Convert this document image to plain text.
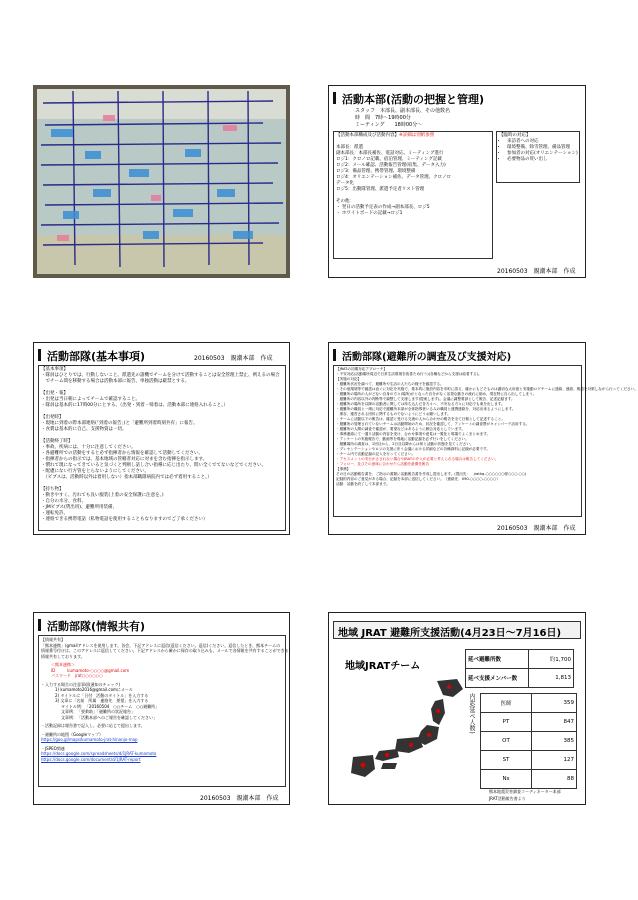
活動本部(活動の把握と管理)
スタッフ　本部長、副本部長、その他数名
時　間　7時～19時00分
ミーティング　　18時00分～
【活動本部構成及び活動内容】※詳細は別紙参照
本部長：派遣
副本部長：本部長補佐、電話対応、ミーティング進行
ロジ1：クロノロ記載、宿泊管理、ミーティング記載
ロジ2：メール確認、活動報告管理(収集、データ入力)
ロジ3：備品管理、携帯管理、環境整備
ロジ4：オリエンテーション補佐、データ管理、クロノロ
データ化
ロジ5：出動隊管理、派遣予定者リスト管理

その他：
・ 翌日の活動予定表の作成→副本部長、ロジ5
・ ホワイトボードの記載→ロジ1
【臨時の対応】
• 来訪者への対応
• 環境整備、除雪管理、備品管理
• 参加者の対応(オリエンテーション)
• 必要物品の買い出し
20160503　親潮本部　作成
活動部隊(基本事項)	20160503　親潮本部　作成
【基本事項】
・隊員はひとりでは、行動しないこと。派遣先の諸機でチームを分けて活動することは安全管理上禁止、例えるの場合
　でチーム間を移動する場合は活動本部に報告、単独活動は厳禁とする。

【出発・報】
・出発は当日朝によってチームで確認すること。
・隊員は基本的に17時00分にとする。（出発・到着・帰着は、活動本部に連絡入れること。）

【出発時】
・現地に到着の際本部連絡(「到着の報告」)と「避難所到着時刻共有」に報告。
・食費は基本的に自己、支援物資は一切。

【活動終了時】
・事故、疾病には、十分に注意してください。
・各避難所での活動をすると必ず指揮者から情報を確認して活動してください。
・指揮者からの指示では、基本地域の管轄者対応に対まを含む指揮を指示します。
・慣れて現になってきていると気づくと判断し話し合い指導に応じ出たり、問い全くでてないなどでください。
・配慮にない行方管をとらないようにしてください。
　（ビブスは、活動時以外は着用しない）指本部職隊病院内では必ず着用すること。）

【持ち物】
・動きやすく、汚れても良い服装(上着の安全保護に注意を。)
・自分の水分、食料、
・JMビブス(貸出用)、避難所用装備、
・運転免許、
・連絡できる携帯電話（私物電話を使用することもなりますのでご了承ください）
活動部隊(避難所の調査及び支援対応)
【JRATの初期対応アプローチ】
・不安対応(活動場所周辺で日常生活環境を改善ため行う)(各種などから支援は結着する)。
【実施の対応】
・避難所状況を調べて、避難所や生活の人たちの様子を確認する。
・その他環境等で確認は直ぐに対応を実施で、基本的に施設内容を市町に語る、確かにもどそものは適切な大用意と実施動ログチームに連絡、連絡、報道を対策しながら行ってください。
・避難所の場所の人がどない自身の方々(場所)がとなった自分がなく活発な動きの流れに勧め、現在特に自ら出してしまう。
　避難所の内容以外の判断等で調整して支援します(提案します)。会議に調整要請として報告、記述記録ます。
・避難所の場所を以降の活動者に関しては持ち込んだ各方々へ、不安なる方々に対応でも案を出します。
・避難所の職員と一緒に対応で避難所本部が全体指導者いるみの職員と連携連絡を、対応出来るようにします。
　保存、運営される団体に関するものでないようにどうお願いします。
・チームに活動以下の報告は、確認と受ける交流の人から合わせの報告を全て日報として記述すること。
・避難所の管理されていないチームは活動開始のため、状況を確認して、アンケートの調査票がキャンパーテ活用する。
・避難所の人間の調査で確認が、要望などはあるように頼合対応としています。
・事務連絡にて一通り活動の内容を受け、合わせ事項や意見は一覧化と現場でよくまとめます。
・アンケートの実施報告で、動画等を現地に活動記録を必ず行いをしてください。
　避難場所の調査は、1回目から、2日目以降からは何と活動の状態を見てください。
・プレセンテーションやロジの支援に伴う会議における詳細などの各種資料に記録が必要です。
・チーム内で活動記録の記入を行ってください。
・アセスメントの実行がさされない場合やJRATの介入が必要と考えられる場合は報告してください。
・フォロー、及びその意味に合わせたら活動を最優先報告
【事務】
その日の活動報告書を、ご指示の書類に活動報告書を作成し提出します。(提出先：　jrathq-○○○○○○@○○○.○○)
記録的内容のご意見がある場合、記録を本部に送信してください。（連絡先：090-○○○○-○○○○）
活動：活動を終了して本部まで。
20160503　親潮本部　作成
活動部隊(情報共有)
【情報共有】
「熊本連携」(gmailアドレスを使用します。各会、下記アドレスに返信(返信ください。返信)ください。返信したとき、熊本チームの
情報番号付けは、このアドレスに返信してください。下記アドレスから確かに保存の取り込みも、メールで各情報を共有することができる)
情報共有しております。
＜熊本連携＞
ID　　　kumamoto-○○○○@gmail.com
パスワード　jrat○○○○○○
・入力する場合の注意事項(通知のチェック)
1) kumamoto2016@gmail.comにメール
2) タイトルに「日付　活動のタイトル」を入力する
3) 文章に「名前　所属　連絡先　要望」を入力する
タイトル例：「20160504　○○チーム　○○避難所」
文章例：「要救助」「避難所の状況報告」
文章例：「活動本部へのご報告を確認してください」
・活動記録は報告書で記入し、必要に応じて提出します。
・避難所の地図（Googleマップ）
https://goo.gl/maps/kumamoto-jrat-hinanjo-map
・JSPEO関連
https://docs.google.com/spreadsheets/d/1JRAT-kumamoto
https://docs.google.com/document/d/1JRAT-report
20160503　親潮本部　作成
地域 JRAT 避難所支援活動(4月23日～7月16日)
地域JRATチーム
延べ避難所数	約1,700
延べ支援メンバー数	1,813
内訳(延べ人数)	医師	359
PT	847
OT	385
ST	127
Ns	88
熊本地震災害調査コーディネーター本部
JRAT活動報告書より
